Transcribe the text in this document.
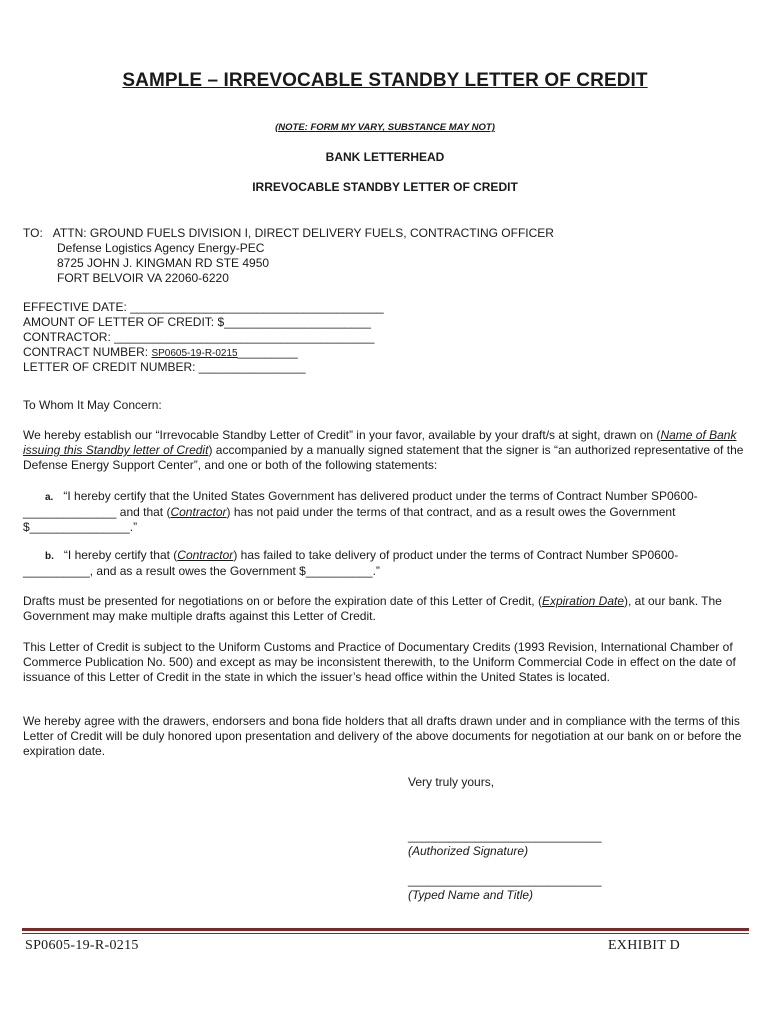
SAMPLE – IRREVOCABLE STANDBY LETTER OF CREDIT
(NOTE: FORM MY VARY, SUBSTANCE MAY NOT)
BANK LETTERHEAD
IRREVOCABLE STANDBY LETTER OF CREDIT
TO: ATTN: GROUND FUELS DIVISION I, DIRECT DELIVERY FUELS, CONTRACTING OFFICER
Defense Logistics Agency Energy-PEC
8725 JOHN J. KINGMAN RD STE 4950
FORT BELVOIR VA 22060-6220
EFFECTIVE DATE: ______________________________________
AMOUNT OF LETTER OF CREDIT: $______________________
CONTRACTOR: _______________________________________
CONTRACT NUMBER: SP0605-19-R-0215_________
LETTER OF CREDIT NUMBER: ________________
To Whom It May Concern:
We hereby establish our “Irrevocable Standby Letter of Credit” in your favor, available by your draft/s at sight, drawn on (Name of Bank issuing this Standby letter of Credit) accompanied by a manually signed statement that the signer is “an authorized representative of the Defense Energy Support Center”, and one or both of the following statements:
a. “I hereby certify that the United States Government has delivered product under the terms of Contract Number SP0600-______________ and that (Contractor) has not paid under the terms of that contract, and as a result owes the Government $_______________.”
b. “I hereby certify that (Contractor) has failed to take delivery of product under the terms of Contract Number SP0600-__________, and as a result owes the Government $__________.”
Drafts must be presented for negotiations on or before the expiration date of this Letter of Credit, (Expiration Date), at our bank. The Government may make multiple drafts against this Letter of Credit.
This Letter of Credit is subject to the Uniform Customs and Practice of Documentary Credits (1993 Revision, International Chamber of Commerce Publication No. 500) and except as may be inconsistent therewith, to the Uniform Commercial Code in effect on the date of issuance of this Letter of Credit in the state in which the issuer’s head office within the United States is located.
We hereby agree with the drawers, endorsers and bona fide holders that all drafts drawn under and in compliance with the terms of this Letter of Credit will be duly honored upon presentation and delivery of the above documents for negotiation at our bank on or before the expiration date.
Very truly yours,
_____________________________
(Authorized Signature)
_____________________________
(Typed Name and Title)
SP0605-19-R-0215	EXHIBIT D
